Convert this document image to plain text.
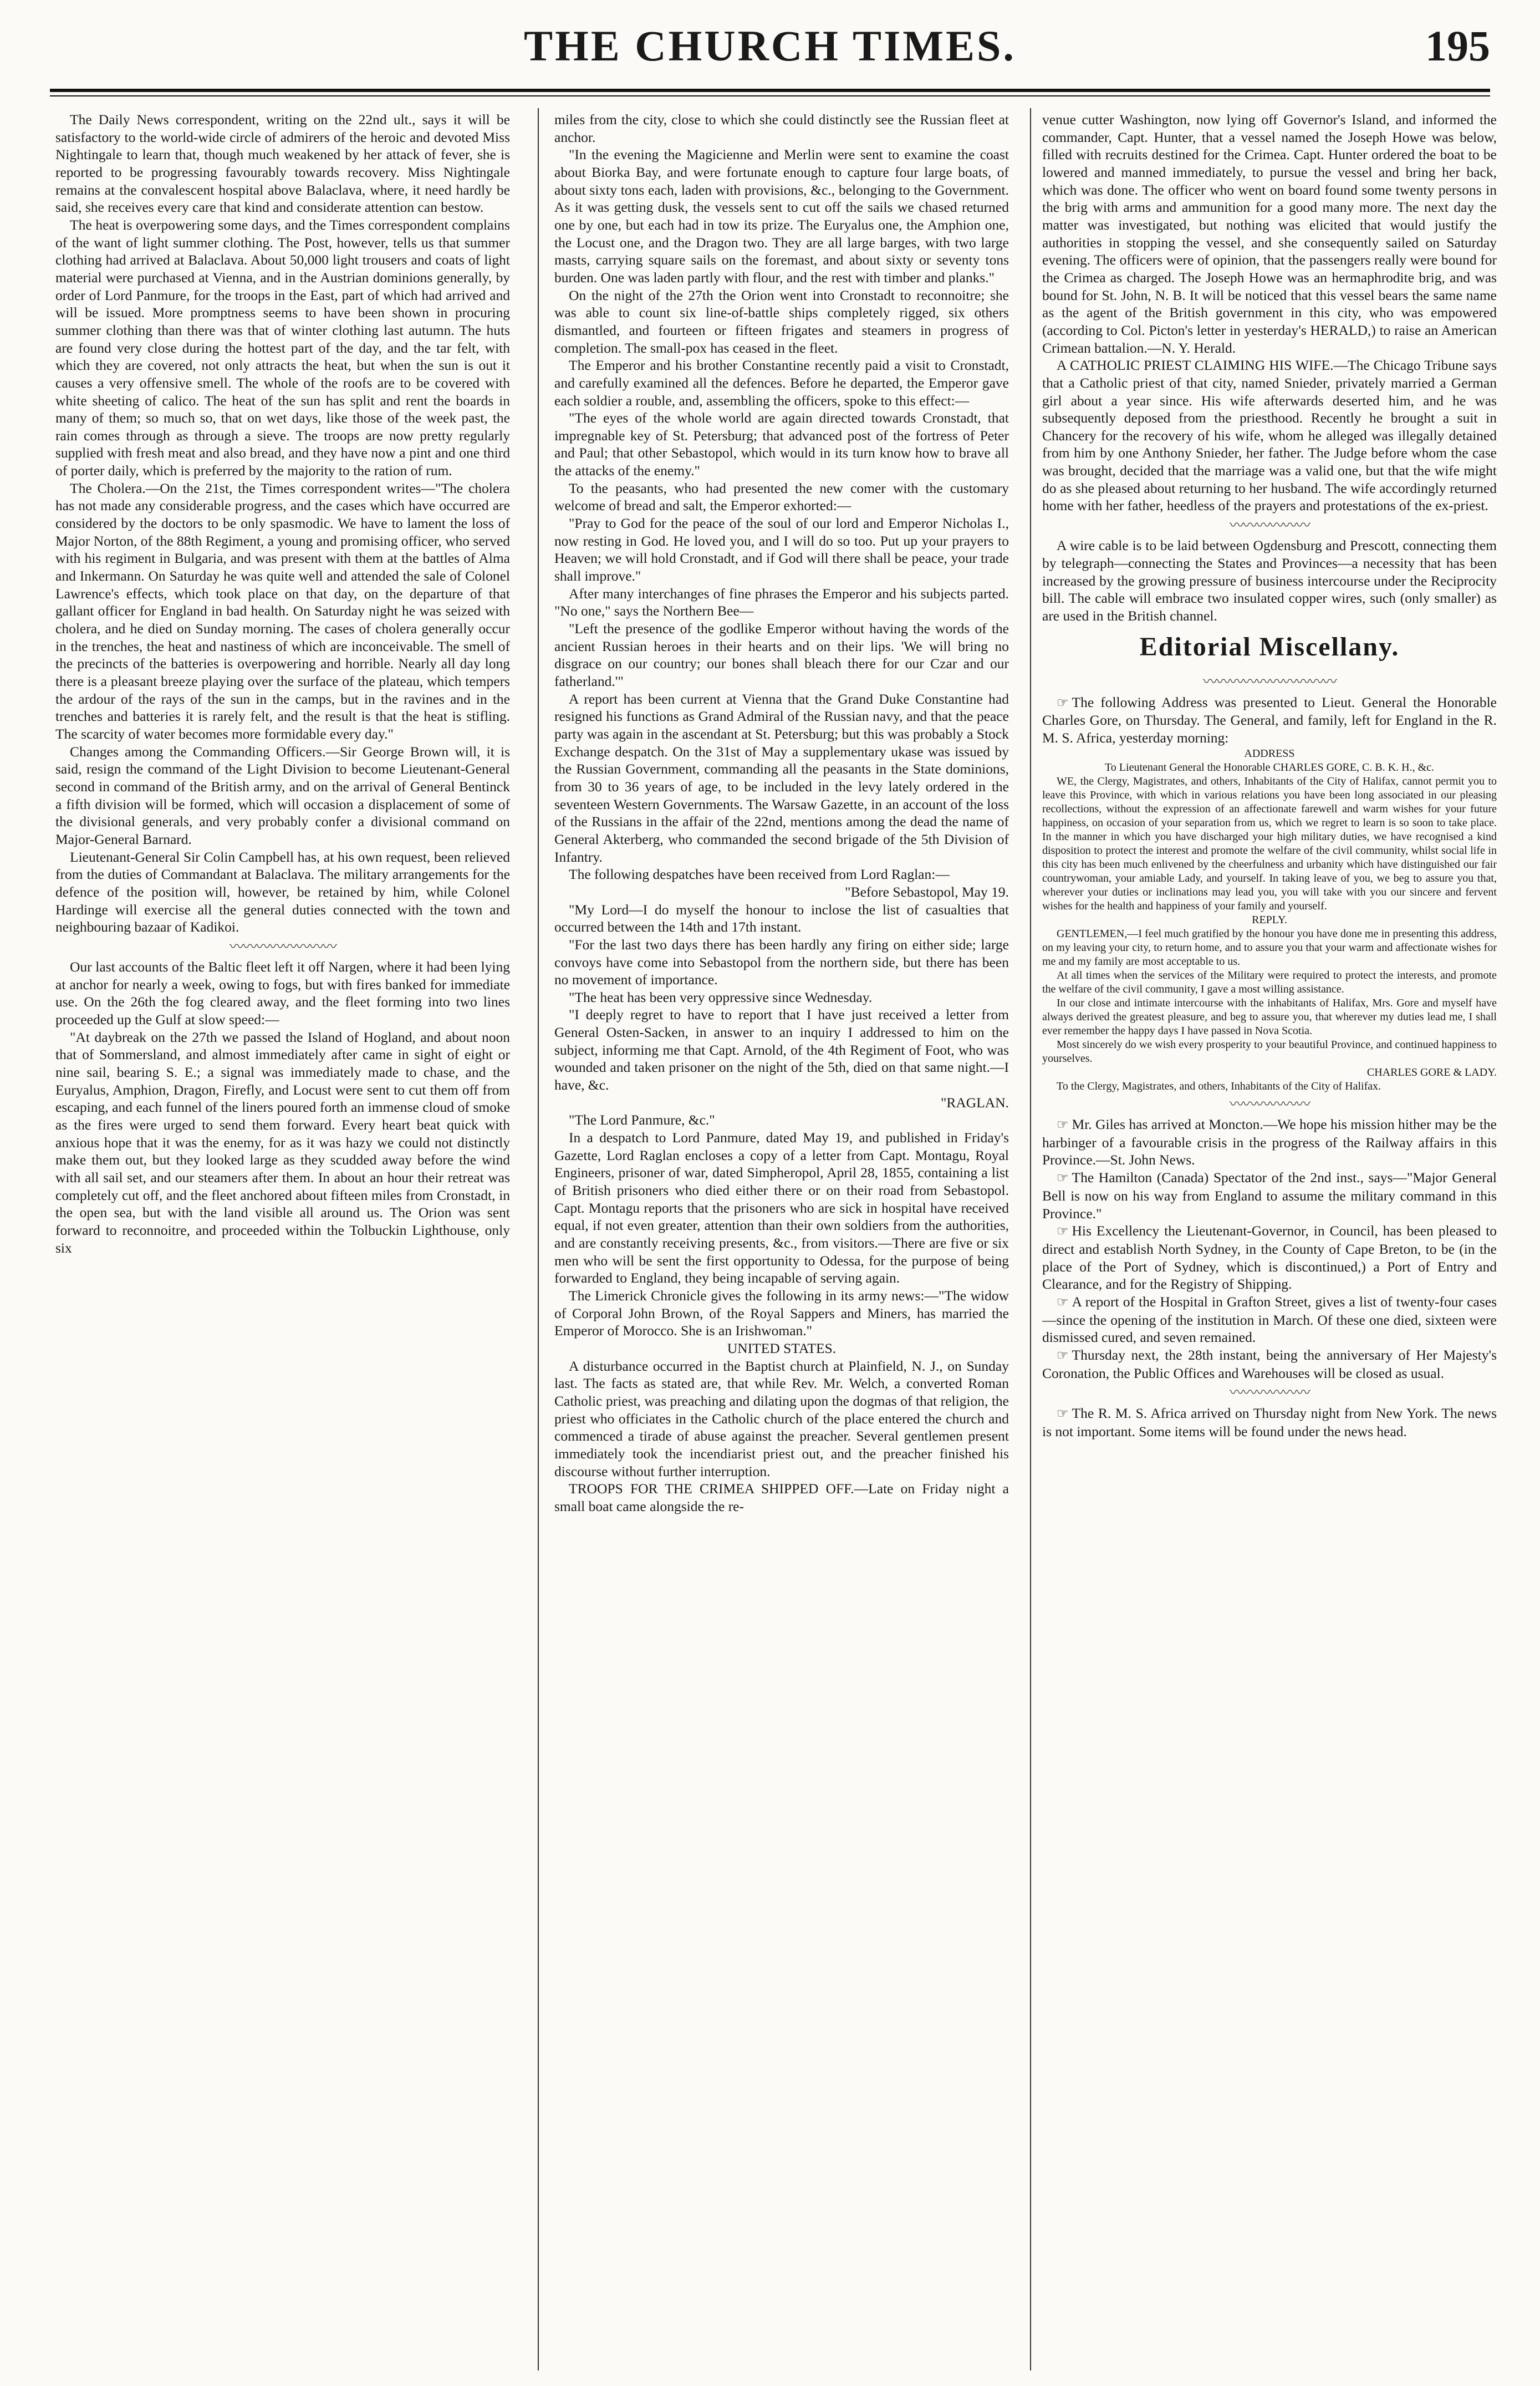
THE CHURCH TIMES.	195

The Daily News correspondent, writing on the 22nd ult., says it will be satisfactory to the world-wide circle of admirers of the heroic and devoted Miss Nightingale to learn that, though much weakened by her attack of fever, she is reported to be progressing favourably towards recovery. Miss Nightingale remains at the convalescent hospital above Balaclava, where, it need hardly be said, she receives every care that kind and considerate attention can bestow.

The heat is overpowering some days, and the Times correspondent complains of the want of light summer clothing. The Post, however, tells us that summer clothing had arrived at Balaclava. About 50,000 light trousers and coats of light material were purchased at Vienna, and in the Austrian dominions generally, by order of Lord Panmure, for the troops in the East, part of which had arrived and will be issued. More promptness seems to have been shown in procuring summer clothing than there was that of winter clothing last autumn. The huts are found very close during the hottest part of the day, and the tar felt, with which they are covered, not only attracts the heat, but when the sun is out it causes a very offensive smell. The whole of the roofs are to be covered with white sheeting of calico. The heat of the sun has split and rent the boards in many of them; so much so, that on wet days, like those of the week past, the rain comes through as through a sieve. The troops are now pretty regularly supplied with fresh meat and also bread, and they have now a pint and one third of porter daily, which is preferred by the majority to the ration of rum.

The Cholera.—On the 21st, the Times correspondent writes—"The cholera has not made any considerable progress, and the cases which have occurred are considered by the doctors to be only spasmodic. We have to lament the loss of Major Norton, of the 88th Regiment, a young and promising officer, who served with his regiment in Bulgaria, and was present with them at the battles of Alma and Inkermann. On Saturday he was quite well and attended the sale of Colonel Lawrence's effects, which took place on that day, on the departure of that gallant officer for England in bad health. On Saturday night he was seized with cholera, and he died on Sunday morning. The cases of cholera generally occur in the trenches, the heat and nastiness of which are inconceivable. The smell of the precincts of the batteries is overpowering and horrible. Nearly all day long there is a pleasant breeze playing over the surface of the plateau, which tempers the ardour of the rays of the sun in the camps, but in the ravines and in the trenches and batteries it is rarely felt, and the result is that the heat is stifling. The scarcity of water becomes more formidable every day."

Changes among the Commanding Officers.—Sir George Brown will, it is said, resign the command of the Light Division to become Lieutenant-General second in command of the British army, and on the arrival of General Bentinck a fifth division will be formed, which will occasion a displacement of some of the divisional generals, and very probably confer a divisional command on Major-General Barnard.

Lieutenant-General Sir Colin Campbell has, at his own request, been relieved from the duties of Commandant at Balaclava. The military arrangements for the defence of the position will, however, be retained by him, while Colonel Hardinge will exercise all the general duties connected with the town and neighbouring bazaar of Kadikoi.

〰〰〰〰〰〰〰〰

Our last accounts of the Baltic fleet left it off Nargen, where it had been lying at anchor for nearly a week, owing to fogs, but with fires banked for immediate use. On the 26th the fog cleared away, and the fleet forming into two lines proceeded up the Gulf at slow speed:—

"At daybreak on the 27th we passed the Island of Hogland, and about noon that of Sommersland, and almost immediately after came in sight of eight or nine sail, bearing S. E.; a signal was immediately made to chase, and the Euryalus, Amphion, Dragon, Firefly, and Locust were sent to cut them off from escaping, and each funnel of the liners poured forth an immense cloud of smoke as the fires were urged to send them forward. Every heart beat quick with anxious hope that it was the enemy, for as it was hazy we could not distinctly make them out, but they looked large as they scudded away before the wind with all sail set, and our steamers after them. In about an hour their retreat was completely cut off, and the fleet anchored about fifteen miles from Cronstadt, in the open sea, but with the land visible all around us. The Orion was sent forward to reconnoitre, and proceeded within the Tolbuckin Lighthouse, only six

miles from the city, close to which she could distinctly see the Russian fleet at anchor.

"In the evening the Magicienne and Merlin were sent to examine the coast about Biorka Bay, and were fortunate enough to capture four large boats, of about sixty tons each, laden with provisions, &c., belonging to the Government. As it was getting dusk, the vessels sent to cut off the sails we chased returned one by one, but each had in tow its prize. The Euryalus one, the Amphion one, the Locust one, and the Dragon two. They are all large barges, with two large masts, carrying square sails on the foremast, and about sixty or seventy tons burden. One was laden partly with flour, and the rest with timber and planks."

On the night of the 27th the Orion went into Cronstadt to reconnoitre; she was able to count six line-of-battle ships completely rigged, six others dismantled, and fourteen or fifteen frigates and steamers in progress of completion. The small-pox has ceased in the fleet.

The Emperor and his brother Constantine recently paid a visit to Cronstadt, and carefully examined all the defences. Before he departed, the Emperor gave each soldier a rouble, and, assembling the officers, spoke to this effect:—

"The eyes of the whole world are again directed towards Cronstadt, that impregnable key of St. Petersburg; that advanced post of the fortress of Peter and Paul; that other Sebastopol, which would in its turn know how to brave all the attacks of the enemy."

To the peasants, who had presented the new comer with the customary welcome of bread and salt, the Emperor exhorted:—

"Pray to God for the peace of the soul of our lord and Emperor Nicholas I., now resting in God. He loved you, and I will do so too. Put up your prayers to Heaven; we will hold Cronstadt, and if God will there shall be peace, your trade shall improve."

After many interchanges of fine phrases the Emperor and his subjects parted. "No one," says the Northern Bee—

"Left the presence of the godlike Emperor without having the words of the ancient Russian heroes in their hearts and on their lips. 'We will bring no disgrace on our country; our bones shall bleach there for our Czar and our fatherland.'"

A report has been current at Vienna that the Grand Duke Constantine had resigned his functions as Grand Admiral of the Russian navy, and that the peace party was again in the ascendant at St. Petersburg; but this was probably a Stock Exchange despatch. On the 31st of May a supplementary ukase was issued by the Russian Government, commanding all the peasants in the State dominions, from 30 to 36 years of age, to be included in the levy lately ordered in the seventeen Western Governments. The Warsaw Gazette, in an account of the loss of the Russians in the affair of the 22nd, mentions among the dead the name of General Akterberg, who commanded the second brigade of the 5th Division of Infantry.

The following despatches have been received from Lord Raglan:—

"Before Sebastopol, May 19.

"My Lord—I do myself the honour to inclose the list of casualties that occurred between the 14th and 17th instant.

"For the last two days there has been hardly any firing on either side; large convoys have come into Sebastopol from the northern side, but there has been no movement of importance.

"The heat has been very oppressive since Wednesday.

"I deeply regret to have to report that I have just received a letter from General Osten-Sacken, in answer to an inquiry I addressed to him on the subject, informing me that Capt. Arnold, of the 4th Regiment of Foot, who was wounded and taken prisoner on the night of the 5th, died on that same night.—I have, &c.

"RAGLAN.

"The Lord Panmure, &c."

In a despatch to Lord Panmure, dated May 19, and published in Friday's Gazette, Lord Raglan encloses a copy of a letter from Capt. Montagu, Royal Engineers, prisoner of war, dated Simpheropol, April 28, 1855, containing a list of British prisoners who died either there or on their road from Sebastopol. Capt. Montagu reports that the prisoners who are sick in hospital have received equal, if not even greater, attention than their own soldiers from the authorities, and are constantly receiving presents, &c., from visitors.—There are five or six men who will be sent the first opportunity to Odessa, for the purpose of being forwarded to England, they being incapable of serving again.

The Limerick Chronicle gives the following in its army news:—"The widow of Corporal John Brown, of the Royal Sappers and Miners, has married the Emperor of Morocco. She is an Irishwoman."

UNITED STATES.

A disturbance occurred in the Baptist church at Plainfield, N. J., on Sunday last. The facts as stated are, that while Rev. Mr. Welch, a converted Roman Catholic priest, was preaching and dilating upon the dogmas of that religion, the priest who officiates in the Catholic church of the place entered the church and commenced a tirade of abuse against the preacher. Several gentlemen present immediately took the incendiarist priest out, and the preacher finished his discourse without further interruption.

TROOPS FOR THE CRIMEA SHIPPED OFF.—Late on Friday night a small boat came alongside the re-

venue cutter Washington, now lying off Governor's Island, and informed the commander, Capt. Hunter, that a vessel named the Joseph Howe was below, filled with recruits destined for the Crimea. Capt. Hunter ordered the boat to be lowered and manned immediately, to pursue the vessel and bring her back, which was done. The officer who went on board found some twenty persons in the brig with arms and ammunition for a good many more. The next day the matter was investigated, but nothing was elicited that would justify the authorities in stopping the vessel, and she consequently sailed on Saturday evening. The officers were of opinion, that the passengers really were bound for the Crimea as charged. The Joseph Howe was an hermaphrodite brig, and was bound for St. John, N. B. It will be noticed that this vessel bears the same name as the agent of the British government in this city, who was empowered (according to Col. Picton's letter in yesterday's HERALD,) to raise an American Crimean battalion.—N. Y. Herald.

A CATHOLIC PRIEST CLAIMING HIS WIFE.—The Chicago Tribune says that a Catholic priest of that city, named Snieder, privately married a German girl about a year since. His wife afterwards deserted him, and he was subsequently deposed from the priesthood. Recently he brought a suit in Chancery for the recovery of his wife, whom he alleged was illegally detained from him by one Anthony Snieder, her father. The Judge before whom the case was brought, decided that the marriage was a valid one, but that the wife might do as she pleased about returning to her husband. The wife accordingly returned home with her father, heedless of the prayers and protestations of the ex-priest.

〰〰〰〰〰〰

A wire cable is to be laid between Ogdensburg and Prescott, connecting them by telegraph—connecting the States and Provinces—a necessity that has been increased by the growing pressure of business intercourse under the Reciprocity bill. The cable will embrace two insulated copper wires, such (only smaller) as are used in the British channel.

Editorial Miscellany.
〰〰〰〰〰〰〰〰〰〰

☞ The following Address was presented to Lieut. General the Honorable Charles Gore, on Thursday. The General, and family, left for England in the R. M. S. Africa, yesterday morning:

ADDRESS

To Lieutenant General the Honorable CHARLES GORE, C. B. K. H., &c.

WE, the Clergy, Magistrates, and others, Inhabitants of the City of Halifax, cannot permit you to leave this Province, with which in various relations you have been long associated in our pleasing recollections, without the expression of an affectionate farewell and warm wishes for your future happiness, on occasion of your separation from us, which we regret to learn is so soon to take place. In the manner in which you have discharged your high military duties, we have recognised a kind disposition to protect the interest and promote the welfare of the civil community, whilst social life in this city has been much enlivened by the cheerfulness and urbanity which have distinguished our fair countrywoman, your amiable Lady, and yourself. In taking leave of you, we beg to assure you that, wherever your duties or inclinations may lead you, you will take with you our sincere and fervent wishes for the health and happiness of your family and yourself.

REPLY.

GENTLEMEN,—I feel much gratified by the honour you have done me in presenting this address, on my leaving your city, to return home, and to assure you that your warm and affectionate wishes for me and my family are most acceptable to us.

At all times when the services of the Military were required to protect the interests, and promote the welfare of the civil community, I gave a most willing assistance.

In our close and intimate intercourse with the inhabitants of Halifax, Mrs. Gore and myself have always derived the greatest pleasure, and beg to assure you, that wherever my duties lead me, I shall ever remember the happy days I have passed in Nova Scotia.

Most sincerely do we wish every prosperity to your beautiful Province, and continued happiness to yourselves.

CHARLES GORE & LADY.

To the Clergy, Magistrates, and others, Inhabitants of the City of Halifax.

〰〰〰〰〰〰

☞ Mr. Giles has arrived at Moncton.—We hope his mission hither may be the harbinger of a favourable crisis in the progress of the Railway affairs in this Province.—St. John News.

☞ The Hamilton (Canada) Spectator of the 2nd inst., says—"Major General Bell is now on his way from England to assume the military command in this Province."

☞ His Excellency the Lieutenant-Governor, in Council, has been pleased to direct and establish North Sydney, in the County of Cape Breton, to be (in the place of the Port of Sydney, which is discontinued,) a Port of Entry and Clearance, and for the Registry of Shipping.

☞ A report of the Hospital in Grafton Street, gives a list of twenty-four cases—since the opening of the institution in March. Of these one died, sixteen were dismissed cured, and seven remained.

☞ Thursday next, the 28th instant, being the anniversary of Her Majesty's Coronation, the Public Offices and Warehouses will be closed as usual.

〰〰〰〰〰〰

☞ The R. M. S. Africa arrived on Thursday night from New York. The news is not important. Some items will be found under the news head.
